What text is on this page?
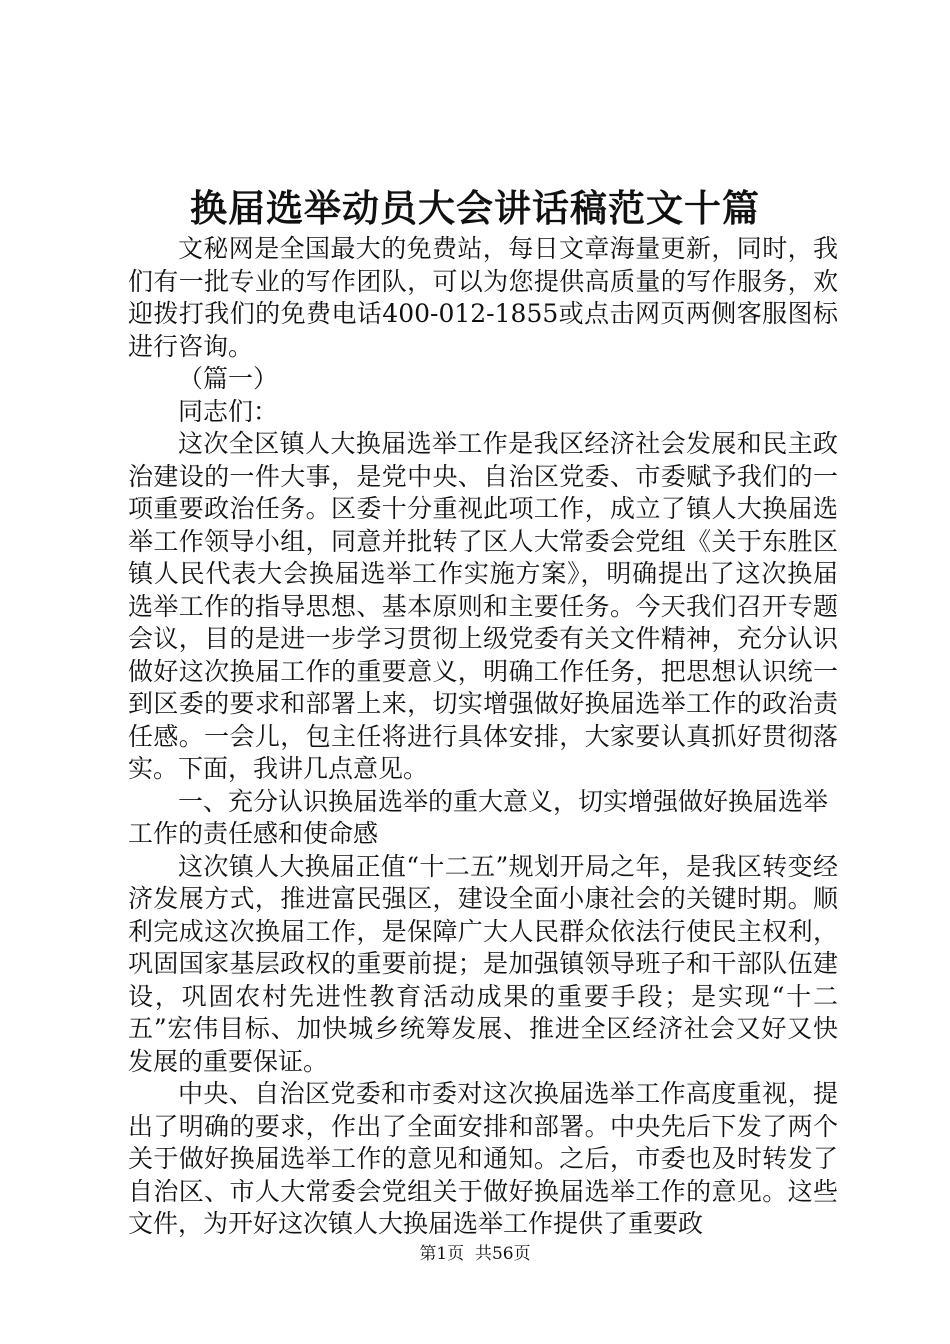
换届选举动员大会讲话稿范文十篇

文秘网是全国最大的免费站，每日文章海量更新，同时，我们有一批专业的写作团队，可以为您提供高质量的写作服务，欢迎拨打我们的免费电话400-012-1855或点击网页两侧客服图标进行咨询。

（篇一）

同志们：

这次全区镇人大换届选举工作是我区经济社会发展和民主政治建设的一件大事，是党中央、自治区党委、市委赋予我们的一项重要政治任务。区委十分重视此项工作，成立了镇人大换届选举工作领导小组，同意并批转了区人大常委会党组《关于东胜区镇人民代表大会换届选举工作实施方案》，明确提出了这次换届选举工作的指导思想、基本原则和主要任务。今天我们召开专题会议，目的是进一步学习贯彻上级党委有关文件精神，充分认识做好这次换届工作的重要意义，明确工作任务，把思想认识统一到区委的要求和部署上来，切实增强做好换届选举工作的政治责任感。一会儿，包主任将进行具体安排，大家要认真抓好贯彻落实。下面，我讲几点意见。

一、充分认识换届选举的重大意义，切实增强做好换届选举工作的责任感和使命感

这次镇人大换届正值“十二五”规划开局之年，是我区转变经济发展方式，推进富民强区，建设全面小康社会的关键时期。顺利完成这次换届工作，是保障广大人民群众依法行使民主权利，巩固国家基层政权的重要前提；是加强镇领导班子和干部队伍建设，巩固农村先进性教育活动成果的重要手段；是实现“十二五”宏伟目标、加快城乡统筹发展、推进全区经济社会又好又快发展的重要保证。

中央、自治区党委和市委对这次换届选举工作高度重视，提出了明确的要求，作出了全面安排和部署。中央先后下发了两个关于做好换届选举工作的意见和通知。之后，市委也及时转发了自治区、市人大常委会党组关于做好换届选举工作的意见。这些文件，为开好这次镇人大换届选举工作提供了重要政

第1页  共56页
